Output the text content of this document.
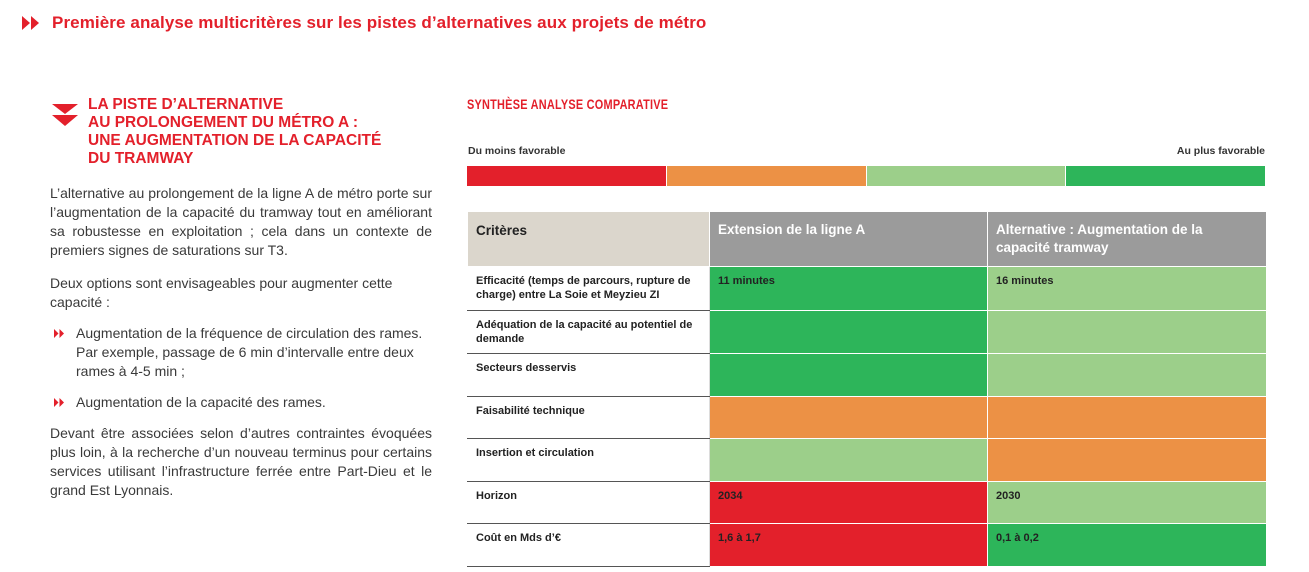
Première analyse multicritères sur les pistes d’alternatives aux projets de métro
LA PISTE D’ALTERNATIVE
AU PROLONGEMENT DU MÉTRO A :
UNE AUGMENTATION DE LA CAPACITÉ
DU TRAMWAY

L’alternative au prolongement de la ligne A de métro porte sur l’augmentation de la capacité du tramway tout en améliorant sa robustesse en exploitation ; cela dans un contexte de premiers signes de saturations sur T3.

Deux options sont envisageables pour augmenter cette capacité :

Augmentation de la fréquence de circulation des rames. Par exemple, passage de 6 min d’intervalle entre deux rames à 4-5 min ;
Augmentation de la capacité des rames.

Devant être associées selon d’autres contraintes évoquées plus loin, à la recherche d’un nouveau terminus pour certains services utilisant l’infrastructure ferrée entre Part-Dieu et le grand Est Lyonnais.

SYNTHÈSE ANALYSE COMPARATIVE
Du moins favorable	Au plus favorable
Critères	Extension de la ligne A	Alternative : Augmentation de la capacité tramway
Efficacité (temps de parcours, rupture de charge) entre La Soie et Meyzieu ZI	11 minutes	16 minutes
Adéquation de la capacité au potentiel de demande		
Secteurs desservis		
Faisabilité technique		
Insertion et circulation		
Horizon	2034	2030
Coût en Mds d’€	1,6 à 1,7	0,1 à 0,2
